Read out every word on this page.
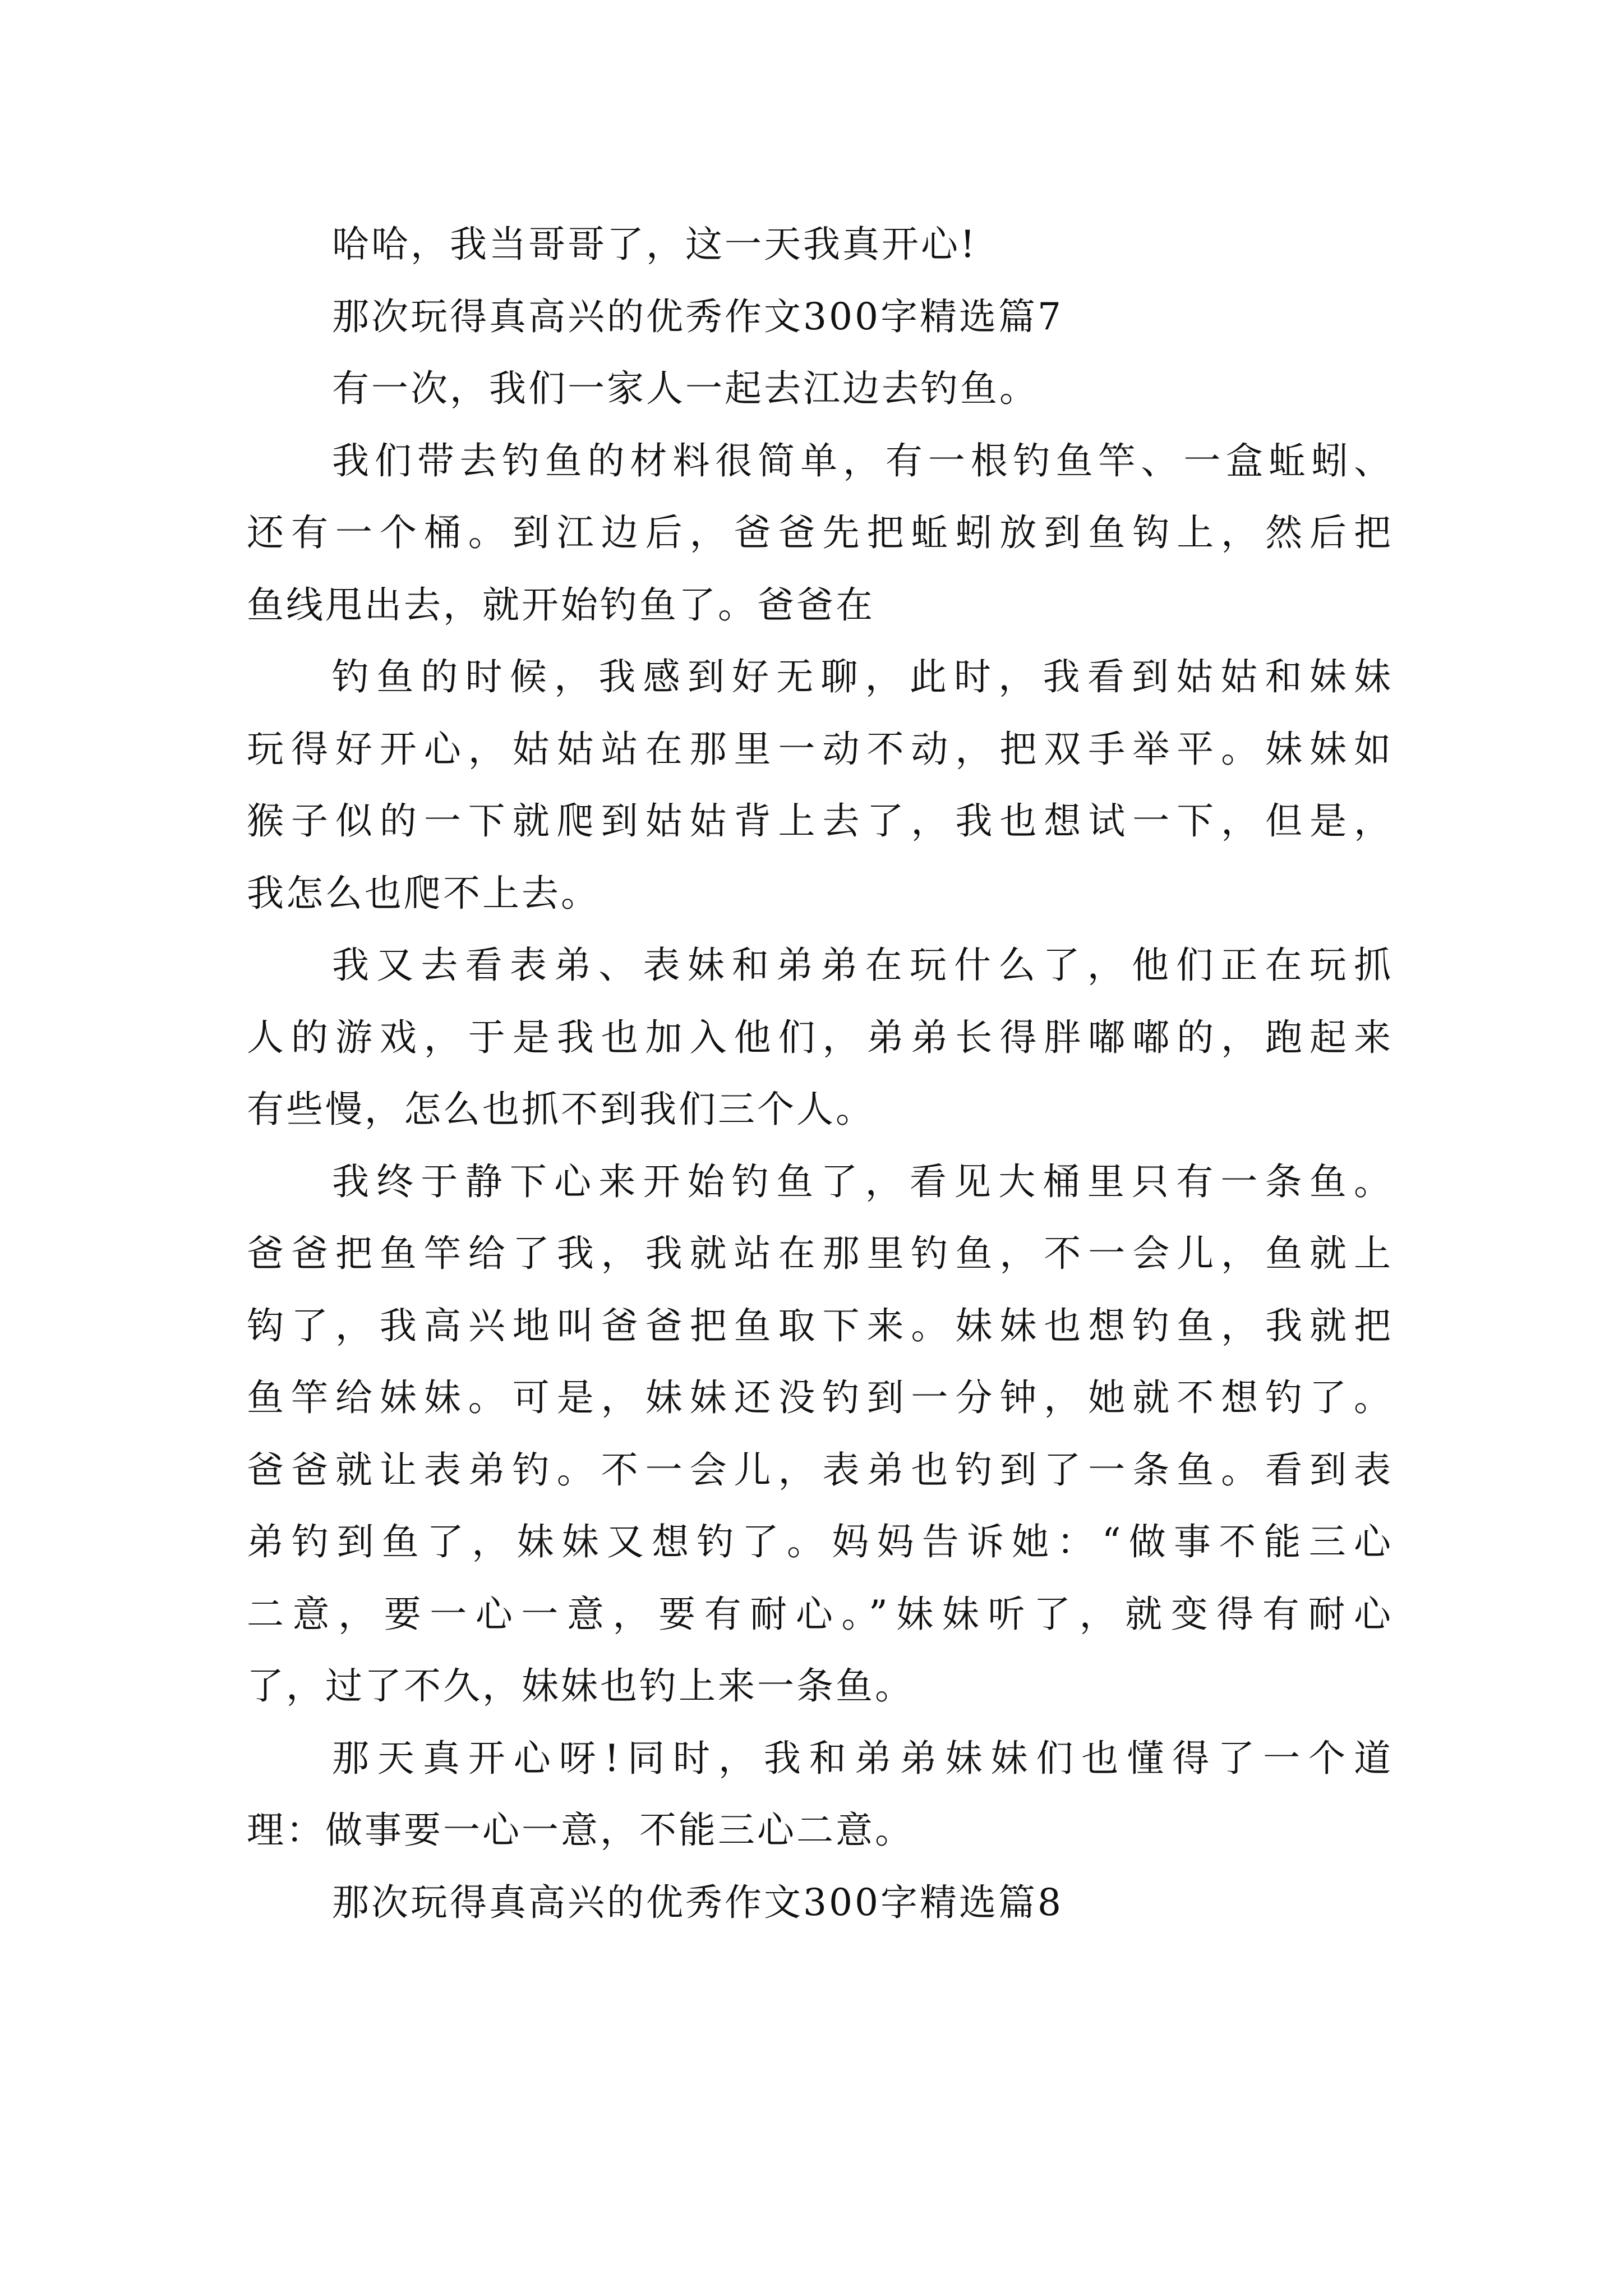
哈哈，我当哥哥了，这一天我真开心!
那次玩得真高兴的优秀作文300字精选篇7
有一次，我们一家人一起去江边去钓鱼。
我们带去钓鱼的材料很简单，有一根钓鱼竿、一盒蚯蚓、
还有一个桶。到江边后，爸爸先把蚯蚓放到鱼钩上，然后把
鱼线甩出去，就开始钓鱼了。爸爸在
钓鱼的时候，我感到好无聊，此时，我看到姑姑和妹妹
玩得好开心，姑姑站在那里一动不动，把双手举平。妹妹如
猴子似的一下就爬到姑姑背上去了，我也想试一下，但是，
我怎么也爬不上去。
我又去看表弟、表妹和弟弟在玩什么了，他们正在玩抓
人的游戏，于是我也加入他们，弟弟长得胖嘟嘟的，跑起来
有些慢，怎么也抓不到我们三个人。
我终于静下心来开始钓鱼了，看见大桶里只有一条鱼。
爸爸把鱼竿给了我，我就站在那里钓鱼，不一会儿，鱼就上
钩了，我高兴地叫爸爸把鱼取下来。妹妹也想钓鱼，我就把
鱼竿给妹妹。可是，妹妹还没钓到一分钟，她就不想钓了。
爸爸就让表弟钓。不一会儿，表弟也钓到了一条鱼。看到表
弟钓到鱼了，妹妹又想钓了。妈妈告诉她：“做事不能三心
二意，要一心一意，要有耐心。”妹妹听了，就变得有耐心
了，过了不久，妹妹也钓上来一条鱼。
那天真开心呀!同时，我和弟弟妹妹们也懂得了一个道
理：做事要一心一意，不能三心二意。
那次玩得真高兴的优秀作文300字精选篇8
